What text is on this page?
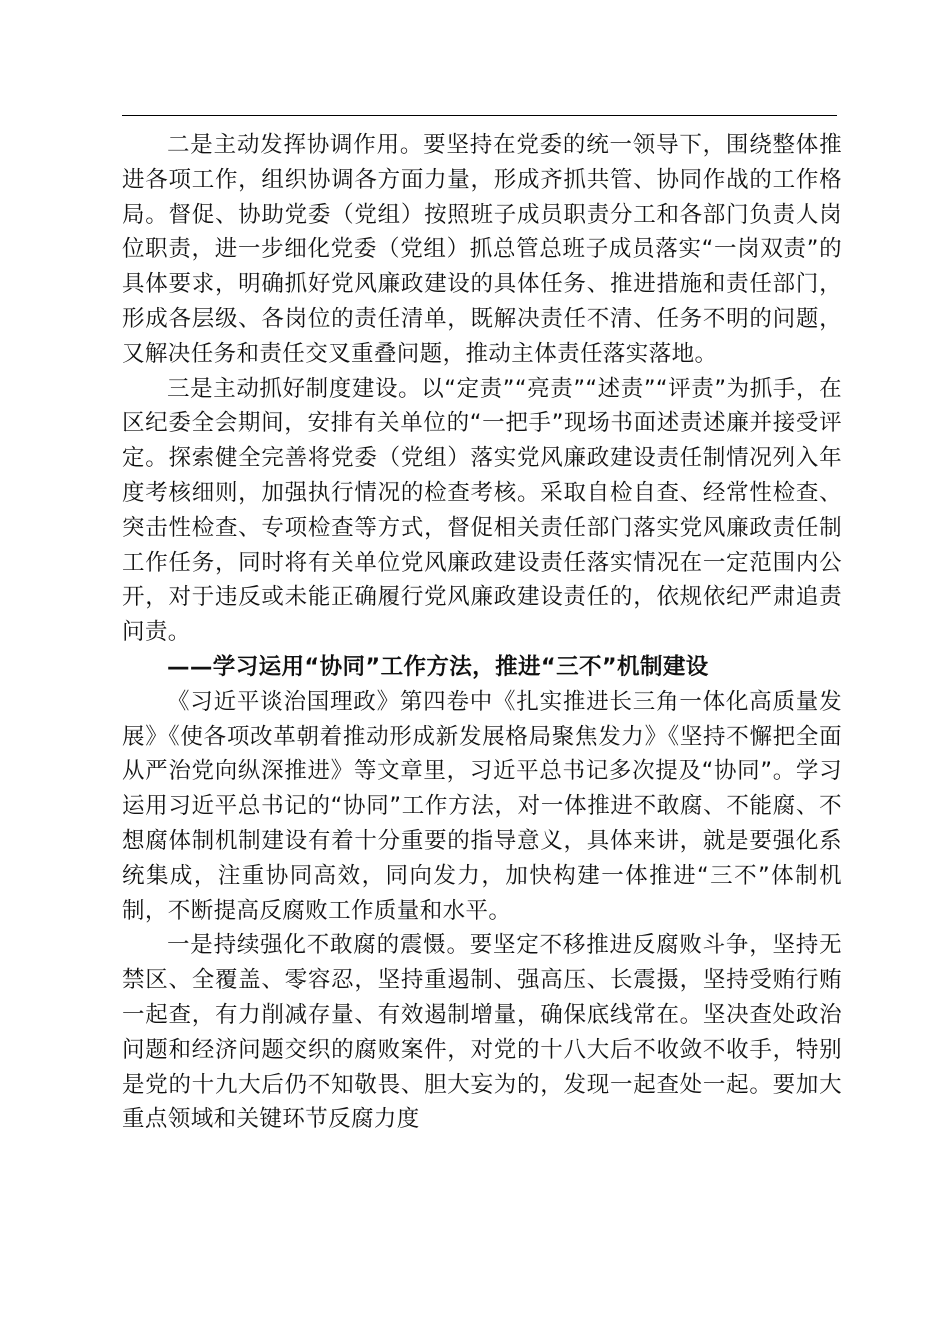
二是主动发挥协调作用。要坚持在党委的统一领导下，围绕整体推进各项工作，组织协调各方面力量，形成齐抓共管、协同作战的工作格局。督促、协助党委（党组）按照班子成员职责分工和各部门负责人岗位职责，进一步细化党委（党组）抓总管总班子成员落实“一岗双责”的具体要求，明确抓好党风廉政建设的具体任务、推进措施和责任部门，形成各层级、各岗位的责任清单，既解决责任不清、任务不明的问题，又解决任务和责任交叉重叠问题，推动主体责任落实落地。

三是主动抓好制度建设。以“定责”“亮责”“述责”“评责”为抓手，在区纪委全会期间，安排有关单位的“一把手”现场书面述责述廉并接受评定。探索健全完善将党委（党组）落实党风廉政建设责任制情况列入年度考核细则，加强执行情况的检查考核。采取自检自查、经常性检查、突击性检查、专项检查等方式，督促相关责任部门落实党风廉政责任制工作任务，同时将有关单位党风廉政建设责任落实情况在一定范围内公开，对于违反或未能正确履行党风廉政建设责任的，依规依纪严肃追责问责。

——学习运用“协同”工作方法，推进“三不”机制建设

《习近平谈治国理政》第四卷中《扎实推进长三角一体化高质量发展》《使各项改革朝着推动形成新发展格局聚焦发力》《坚持不懈把全面从严治党向纵深推进》等文章里，习近平总书记多次提及“协同”。学习运用习近平总书记的“协同”工作方法，对一体推进不敢腐、不能腐、不想腐体制机制建设有着十分重要的指导意义，具体来讲，就是要强化系统集成，注重协同高效，同向发力，加快构建一体推进“三不”体制机制，不断提高反腐败工作质量和水平。

一是持续强化不敢腐的震慑。要坚定不移推进反腐败斗争，坚持无禁区、全覆盖、零容忍，坚持重遏制、强高压、长震摄，坚持受贿行贿一起查，有力削减存量、有效遏制增量，确保底线常在。坚决查处政治问题和经济问题交织的腐败案件，对党的十八大后不收敛不收手，特别是党的十九大后仍不知敬畏、胆大妄为的，发现一起查处一起。要加大重点领域和关键环节反腐力度
